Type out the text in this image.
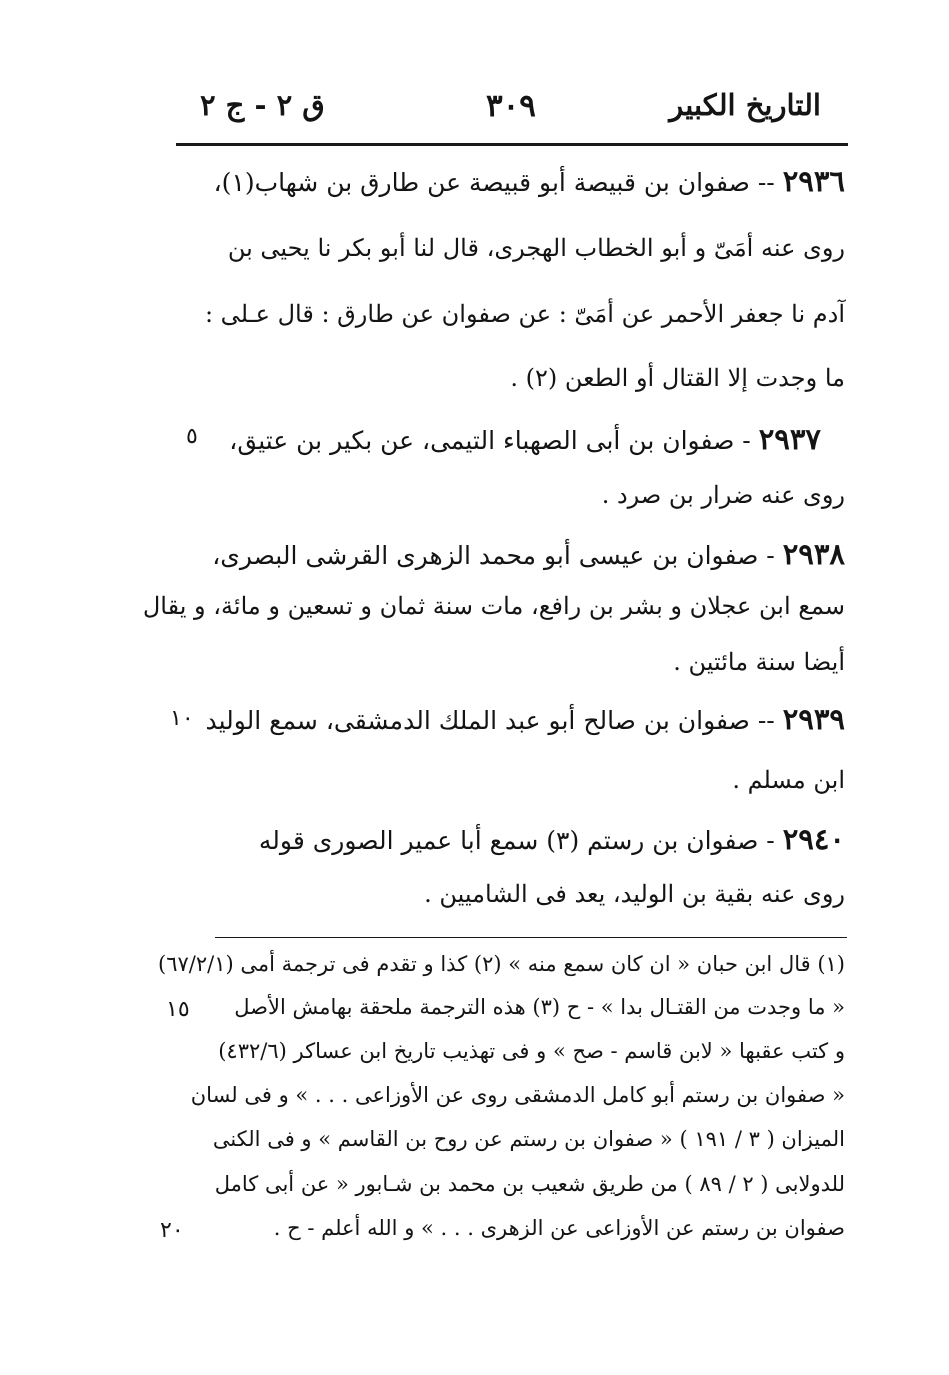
التاريخ الكبير
٣٠٩
ق ٢ - ج ٢
٢٩٣٦ -- صفوان بن قبيصة أبو قبيصة عن طارق بن شهاب(١)،
روى عنه أمَىّ و أبو الخطاب الهجرى، قال لنا أبو بكر نا يحيى بن
آدم نا جعفر الأحمر عن أمَىّ : عن صفوان عن طارق : قال عـلى :
ما وجدت إلا القتال أو الطعن (٢) .
٢٩٣٧ - صفوان بن أبى الصهباء التيمى، عن بكير بن عتيق،
روى عنه ضرار بن صرد .
٢٩٣٨ - صفوان بن عيسى أبو محمد الزهرى القرشى البصرى،
سمع ابن عجلان و بشر بن رافع، مات سنة ثمان و تسعين و مائة، و يقال
أيضا سنة مائتين .
٢٩٣٩ -- صفوان بن صالح أبو عبد الملك الدمشقى، سمع الوليد
ابن مسلم .
٢٩٤٠ - صفوان بن رستم (٣) سمع أبا عمير الصورى قوله
روى عنه بقية بن الوليد، يعد فى الشاميين .
(١) قال ابن حبان « ان كان سمع منه » (٢) كذا و تقدم فى ترجمة أمى (٦٧/٢/١)
« ما وجدت من القتـال بدا » - ح (٣) هذه الترجمة ملحقة بهامش الأصل
و كتب عقبها « لابن قاسم - صح » و فى تهذيب تاريخ ابن عساكر (٤٣٢/٦)
« صفوان بن رستم أبو كامل الدمشقى روى عن الأوزاعى . . . » و فى لسان
الميزان ( ٣ / ١٩١ ) « صفوان بن رستم عن روح بن القاسم » و فى الكنى
للدولابى ( ٢ / ٨٩ ) من طريق شعيب بن محمد بن شـابور « عن أبى كامل
صفوان بن رستم عن الأوزاعى عن الزهرى . . . » و الله أعلم - ح .
٥
١٠
١٥
٢٠
